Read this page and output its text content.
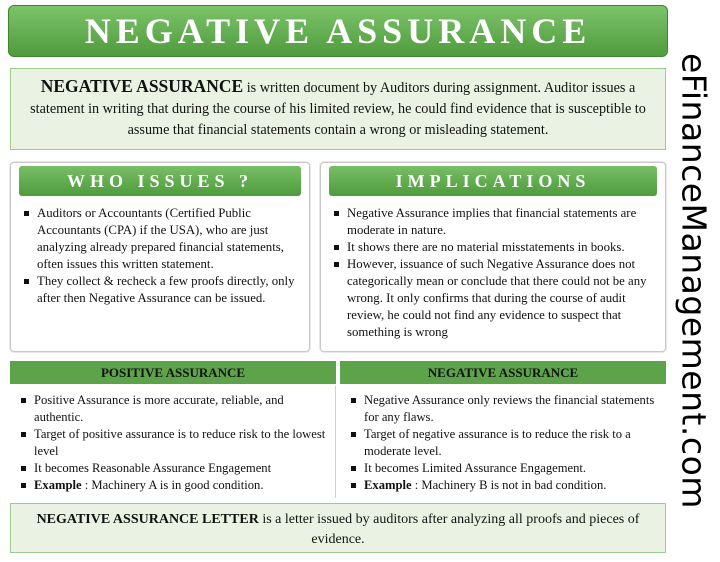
NEGATIVE ASSURANCE
eFinanceManagement.com
NEGATIVE ASSURANCE is written document by Auditors during assignment. Auditor issues a statement in writing that during the course of his limited review, he could find evidence that is susceptible to assume that financial statements contain a wrong or misleading statement.
WHO ISSUES ?
Auditors or Accountants (Certified Public Accountants (CPA) if the USA), who are just analyzing already prepared financial statements, often issues this written statement.
They collect & recheck a few proofs directly, only after then Negative Assurance can be issued.
IMPLICATIONS
Negative Assurance implies that financial statements are moderate in nature.
It shows there are no material misstatements in books.
However, issuance of such Negative Assurance does not categorically mean or conclude that there could not be any wrong. It only confirms that during the course of audit review, he could not find any evidence to suspect that something is wrong
POSITIVE ASSURANCE	NEGATIVE ASSURANCE
Positive Assurance is more accurate, reliable, and authentic.
Target of positive assurance is to reduce risk to the lowest level
It becomes Reasonable Assurance Engagement
Example : Machinery A is in good condition.
Negative Assurance only reviews the financial statements for any flaws.
Target of negative assurance is to reduce the risk to a moderate level.
It becomes Limited Assurance Engagement.
Example : Machinery B is not in bad condition.
NEGATIVE ASSURANCE LETTER is a letter issued by auditors after analyzing all proofs and pieces of evidence.
